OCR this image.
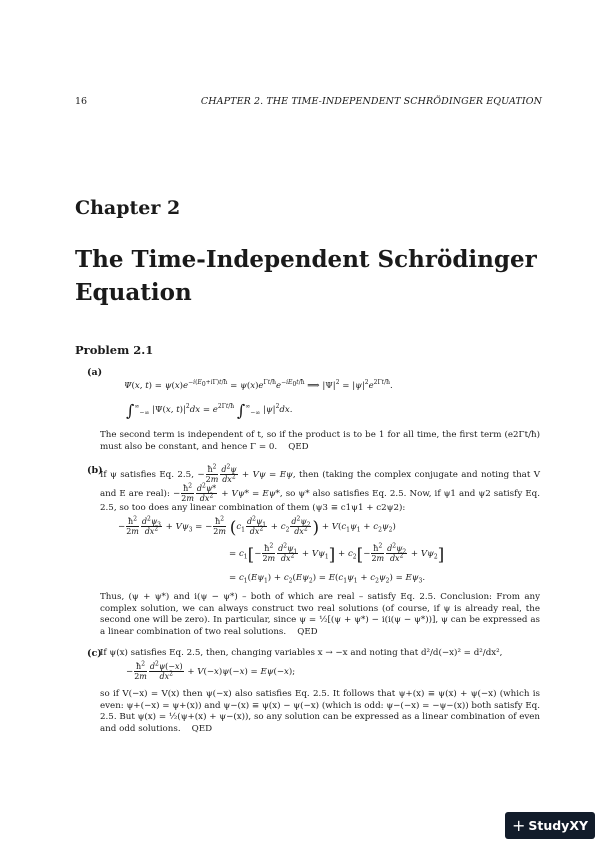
16	CHAPTER 2. THE TIME-INDEPENDENT SCHRÖDINGER EQUATION
Chapter 2
The Time-Independent Schrödinger Equation
Problem 2.1
(a)
Ψ(x, $t) = \psi(x)e^{-i(E_0+i\Gamma)t/ħ} = \psi(x)e^{\Gamma t/ħ}e^{-iE_0t/ħ}$ ⟹ $|\Psi|^2 = |\psi|^2e^{2\Gamma t/ħ}$.
$\int^\infty_{-\infty}$ |Ψ(x, $t)|^2dx = e^{2\Gamma t/ħ}$ $\int^\infty_{-\infty}$ $|\psi|^2dx$.
The second term is independent of t, so if the product is to be 1 for all time, the first term (e2Γt/ħ) must also be constant, and hence Γ = 0. QED
(b)
If ψ satisfies Eq. 2.5, − $\frac{ħ^2}{2m} \frac{d^2\psi}{dx^2} + V\psi = E\psi$, then (taking the complex conjugate and noting that V and E are real): − $\frac{ħ^2}{2m} \frac{d^2\psi*}{dx^2} + V\psi* = E\psi*$, so ψ* also satisfies Eq. 2.5. Now, if ψ1 and ψ2 satisfy Eq. 2.5, so too does any linear combination of them (ψ3 ≡ c1ψ1 + c2ψ2):
− $\frac{ħ^2}{2m} \frac{d^2\psi_3}{dx^2} + V\psi_3$ = − $\frac{ħ^2}{2m} (c_1 \frac{d^2\psi_1}{dx^2} + c_2 \frac{d^2\psi_2}{dx^2}$ ) + $V(c_1\psi_1 + c_2\psi_2)$
= $c_1[- \frac{ħ^2}{2m} \frac{d^2\psi_1}{dx^2} + V\psi_1] + c_2[- \frac{ħ^2}{2m} \frac{d^2\psi_2}{dx^2} + V\psi_2]$
= $c_1(E\psi_1) + c_2(E\psi_2) = E(c_1\psi_1 + c_2\psi_2) = E\psi_3$.
Thus, (ψ + ψ*) and i(ψ − ψ*) – both of which are real – satisfy Eq. 2.5. Conclusion: From any complex solution, we can always construct two real solutions (of course, if ψ is already real, the second one will be zero). In particular, since ψ = ½[(ψ + ψ*) − i(i(ψ − ψ*))], ψ can be expressed as a linear combination of two real solutions. QED
(c)
If ψ(x) satisfies Eq. 2.5, then, changing variables x → −x and noting that d²/d(−x)² = d²/dx²,
− $\frac{ħ^2}{2m} \frac{d^2\psi(-x)}{dx^2} + V(-x)\psi(-x) = E\psi(-x)$;
so if V(−x) = V(x) then ψ(−x) also satisfies Eq. 2.5. It follows that ψ+(x) ≡ ψ(x) + ψ(−x) (which is even: ψ+(−x) = ψ+(x)) and ψ−(x) ≡ ψ(x) − ψ(−x) (which is odd: ψ−(−x) = −ψ−(x)) both satisfy Eq. 2.5. But ψ(x) = ½(ψ+(x) + ψ−(x)), so any solution can be expressed as a linear combination of even and odd solutions. QED
+ StudyXY
